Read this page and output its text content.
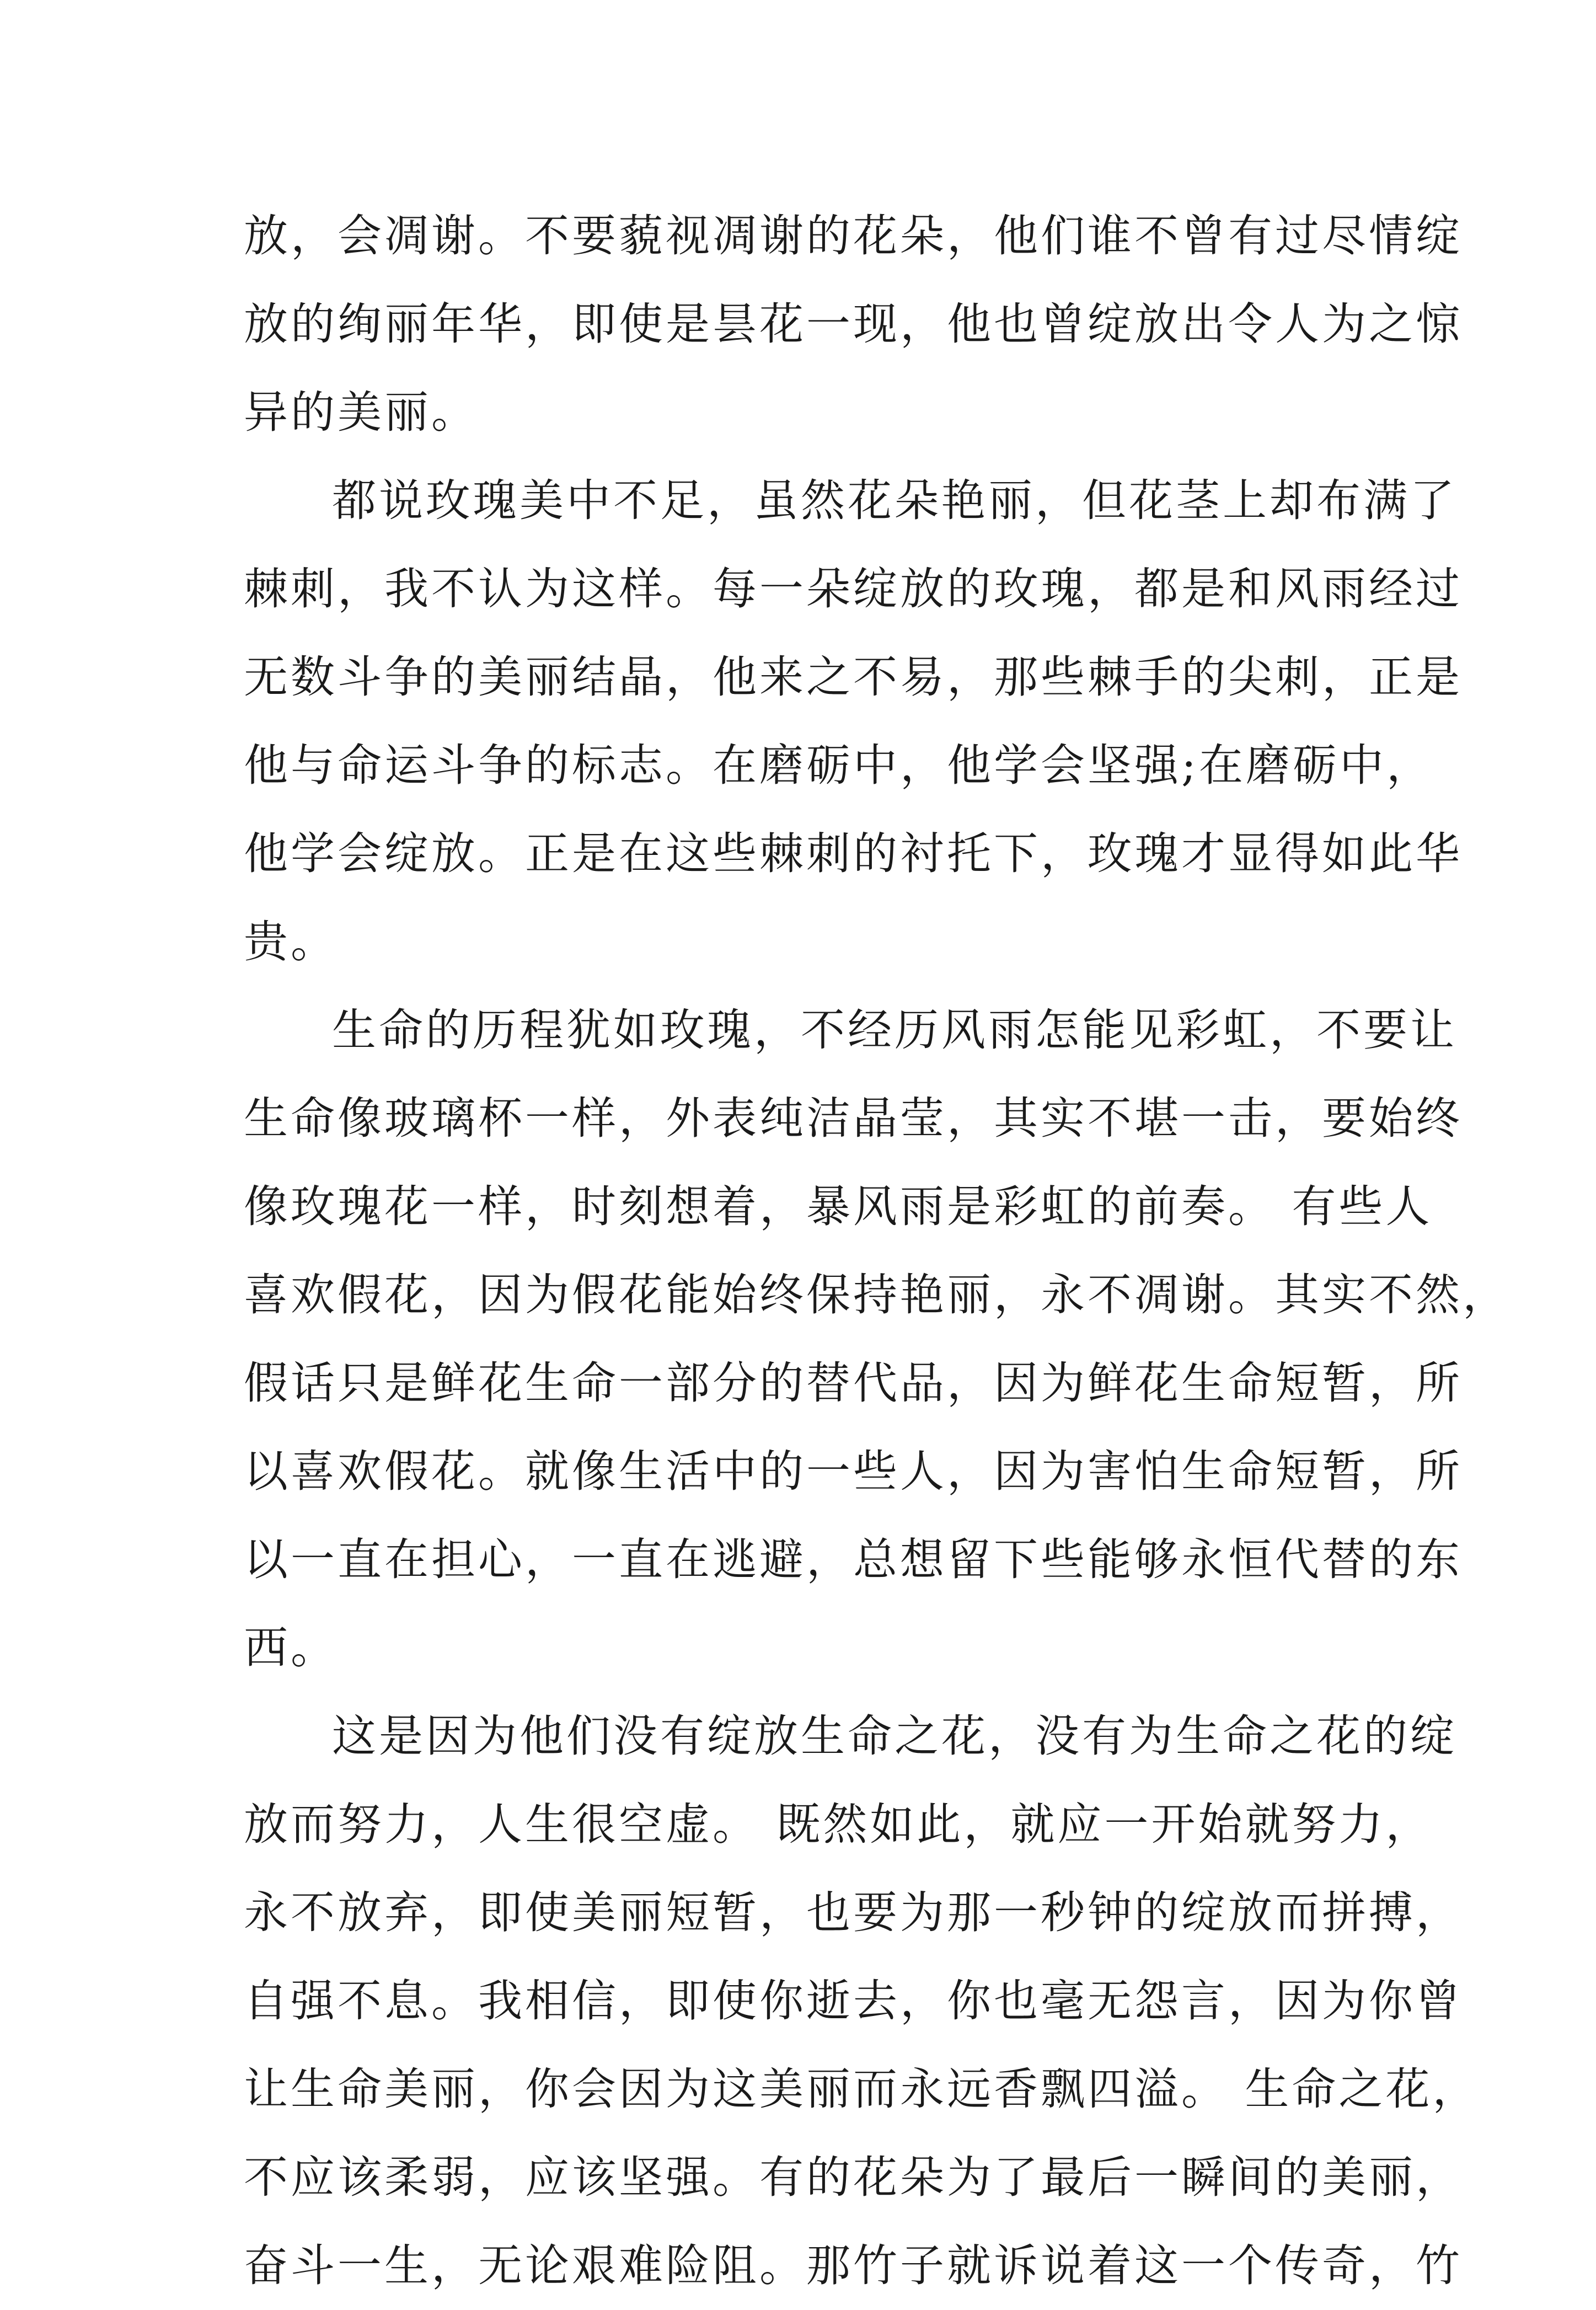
放，会凋谢。不要藐视凋谢的花朵，他们谁不曾有过尽情绽
放的绚丽年华，即使是昙花一现，他也曾绽放出令人为之惊
异的美丽。
都说玫瑰美中不足，虽然花朵艳丽，但花茎上却布满了
棘刺，我不认为这样。每一朵绽放的玫瑰，都是和风雨经过
无数斗争的美丽结晶，他来之不易，那些棘手的尖刺，正是
他与命运斗争的标志。在磨砺中，他学会坚强;在磨砺中，
他学会绽放。正是在这些棘刺的衬托下，玫瑰才显得如此华
贵。
生命的历程犹如玫瑰，不经历风雨怎能见彩虹，不要让
生命像玻璃杯一样，外表纯洁晶莹，其实不堪一击，要始终
像玫瑰花一样，时刻想着，暴风雨是彩虹的前奏。 有些人
喜欢假花，因为假花能始终保持艳丽，永不凋谢。其实不然，
假话只是鲜花生命一部分的替代品，因为鲜花生命短暂，所
以喜欢假花。就像生活中的一些人，因为害怕生命短暂，所
以一直在担心，一直在逃避，总想留下些能够永恒代替的东
西。
这是因为他们没有绽放生命之花，没有为生命之花的绽
放而努力，人生很空虚。 既然如此，就应一开始就努力，
永不放弃，即使美丽短暂，也要为那一秒钟的绽放而拼搏，
自强不息。我相信，即使你逝去，你也毫无怨言，因为你曾
让生命美丽，你会因为这美丽而永远香飘四溢。 生命之花，
不应该柔弱，应该坚强。有的花朵为了最后一瞬间的美丽，
奋斗一生，无论艰难险阻。那竹子就诉说着这一个传奇，竹
